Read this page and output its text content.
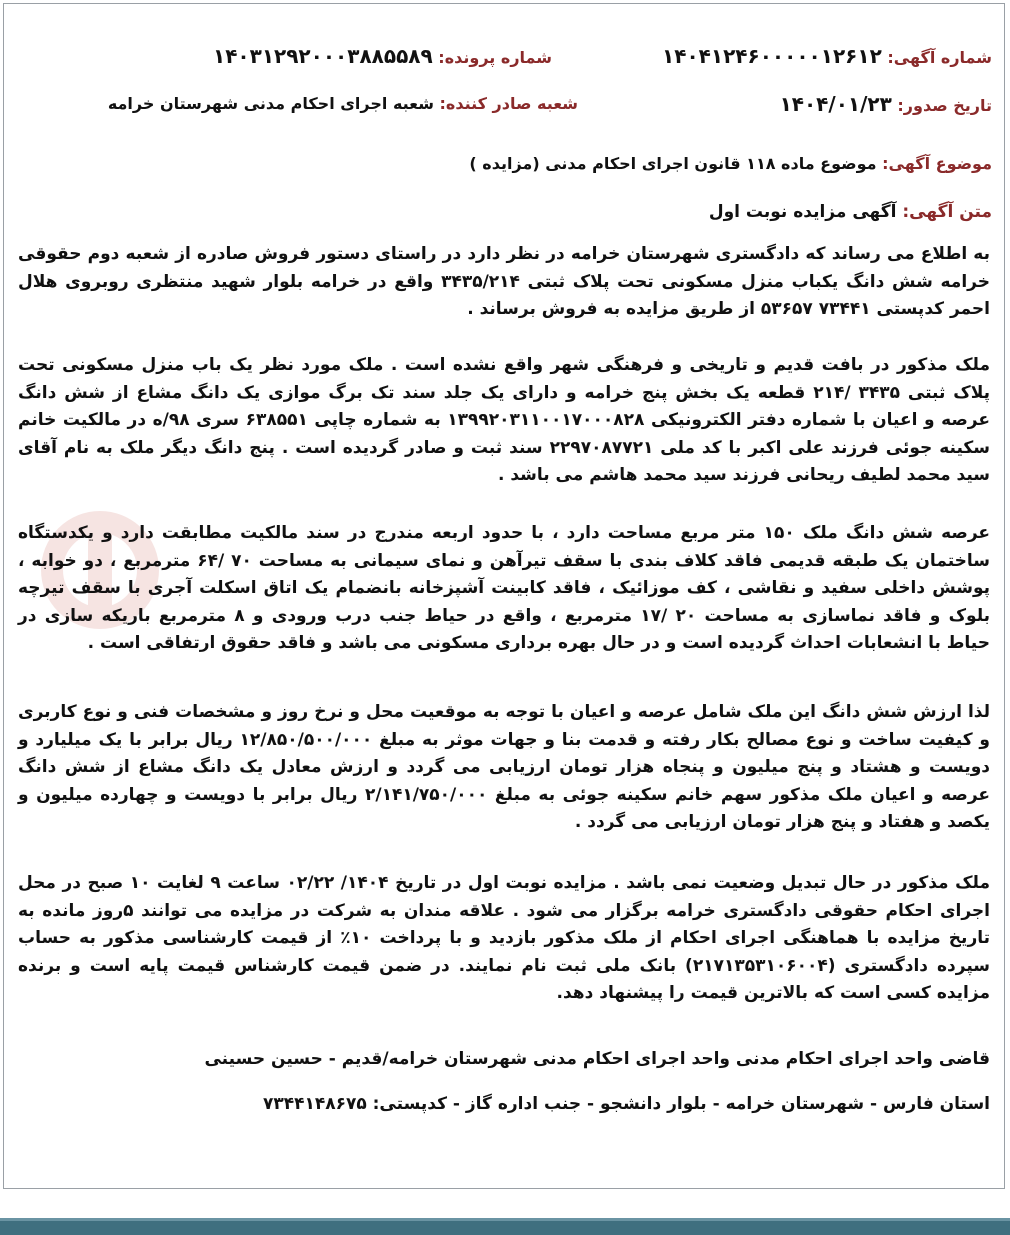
شماره آگهی: ۱۴۰۴۱۲۴۶۰۰۰۰۰۱۲۶۱۲
شماره پرونده: ۱۴۰۳۱۲۹۲۰۰۰۳۸۸۵۵۸۹
تاریخ صدور: ۱۴۰۴/۰۱/۲۳
شعبه صادر کننده: شعبه اجرای احکام مدنی شهرستان خرامه
موضوع آگهی: موضوع ماده ۱۱۸ قانون اجرای احکام مدنی (مزایده )
متن آگهی: آگهی مزایده نوبت اول

به اطلاع می رساند که دادگستری شهرستان خرامه در نظر دارد در راستای دستور فروش صادره از شعبه دوم حقوقی خرامه شش دانگ یکباب منزل مسکونی تحت پلاک ثبتی ۳۴۳۵/۲۱۴ واقع در خرامه بلوار شهید منتظری روبروی هلال احمر کدپستی ۷۳۴۴۱ ۵۳۶۵۷ از طریق مزایده به فروش برساند .

ملک مذکور در بافت قدیم و تاریخی و فرهنگی شهر واقع نشده است . ملک مورد نظر یک باب منزل مسکونی تحت پلاک ثبتی ۳۴۳۵ /۲۱۴ قطعه یک بخش پنج خرامه و دارای یک جلد سند تک برگ موازی یک دانگ مشاع از شش دانگ عرصه و اعیان با شماره دفتر الکترونیکی ۱۳۹۹۲۰۳۱۱۰۰۱۷۰۰۰۸۲۸ به شماره چاپی ۶۳۸۵۵۱ سری ۹۸/ه در مالکیت خانم سکینه جوئی فرزند علی اکبر با کد ملی ۲۲۹۷۰۸۷۷۲۱ سند ثبت و صادر گردیده است . پنج دانگ دیگر ملک به نام آقای سید محمد لطیف ریحانی فرزند سید محمد هاشم می باشد .

عرصه شش دانگ ملک ۱۵۰ متر مربع مساحت دارد ، با حدود اربعه مندرج در سند مالکیت مطابقت دارد و یکدستگاه ساختمان یک طبقه قدیمی فاقد کلاف بندی با سقف تیرآهن و نمای سیمانی به مساحت ۷۰ /۶۴ مترمربع ، دو خوابه ، پوشش داخلی سفید و نقاشی ، کف موزائیک ، فاقد کابینت آشپزخانه بانضمام یک اتاق اسکلت آجری با سقف تیرچه بلوک و فاقد نماسازی به مساحت ۲۰ /۱۷ مترمربع ، واقع در حیاط جنب درب ورودی و ۸ مترمربع باریکه سازی در حیاط با انشعابات احداث گردیده است و در حال بهره برداری مسکونی می باشد و فاقد حقوق ارتفاقی است .

لذا ارزش شش دانگ این ملک شامل عرصه و اعیان با توجه به موقعیت محل و نرخ روز و مشخصات فنی و نوع کاربری و کیفیت ساخت و نوع مصالح بکار رفته و قدمت بنا و جهات موثر به مبلغ ۱۲/۸۵۰/۵۰۰/۰۰۰ ریال برابر با یک میلیارد و دویست و هشتاد و پنج میلیون و پنجاه هزار تومان ارزیابی می گردد و ارزش معادل یک دانگ مشاع از شش دانگ عرصه و اعیان ملک مذکور سهم خانم سکینه جوئی به مبلغ ۲/۱۴۱/۷۵۰/۰۰۰ ریال برابر با دویست و چهارده میلیون و یکصد و هفتاد و پنج هزار تومان ارزیابی می گردد .

ملک مذکور در حال تبدیل وضعیت نمی باشد . مزایده نوبت اول در تاریخ ۱۴۰۴/ ۰۲/۲۲ ساعت ۹ لغایت ۱۰ صبح در محل اجرای احکام حقوقی دادگستری خرامه برگزار می شود . علاقه مندان به شرکت در مزایده می توانند ۵روز مانده به تاریخ مزایده با هماهنگی اجرای احکام از ملک مذکور بازدید و با پرداخت ۱۰٪ از قیمت کارشناسی مذکور به حساب سپرده دادگستری (۲۱۷۱۳۵۳۱۰۶۰۰۴) بانک ملی ثبت نام نمایند. در ضمن قیمت کارشناس قیمت پایه است و برنده مزایده کسی است که بالاترین قیمت را پیشنهاد دهد.

قاضی واحد اجرای احکام مدنی واحد اجرای احکام مدنی شهرستان خرامه/قدیم - حسین حسینی
استان فارس - شهرستان خرامه - بلوار دانشجو - جنب اداره گاز - کدپستی: ۷۳۴۴۱۴۸۶۷۵
